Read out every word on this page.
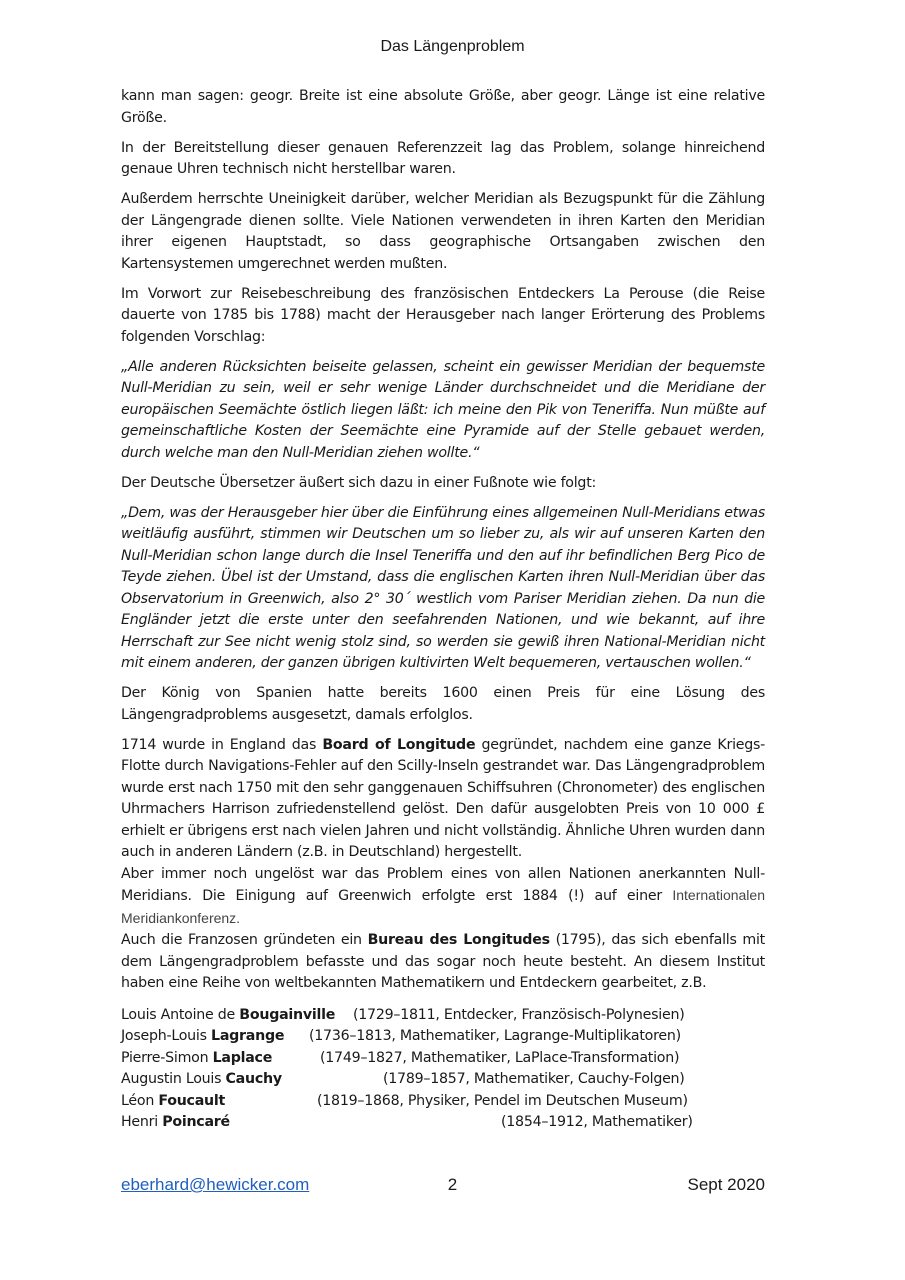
Das Längenproblem

kann man sagen: geogr. Breite ist eine absolute Größe, aber geogr. Länge ist eine relative Größe.

In der Bereitstellung dieser genauen Referenzzeit lag das Problem, solange hinreichend genaue Uhren technisch nicht herstellbar waren.

Außerdem herrschte Uneinigkeit darüber, welcher Meridian als Bezugspunkt für die Zählung der Längengrade dienen sollte. Viele Nationen verwendeten in ihren Karten den Meridian ihrer eigenen Hauptstadt, so dass geographische Ortsangaben zwischen den Kartensystemen umgerechnet werden mußten.

Im Vorwort zur Reisebeschreibung des französischen Entdeckers La Perouse (die Reise dauerte von 1785 bis 1788) macht der Herausgeber nach langer Erörterung des Problems folgenden Vorschlag:

„Alle anderen Rücksichten beiseite gelassen, scheint ein gewisser Meridian der bequemste Null-Meridian zu sein, weil er sehr wenige Länder durchschneidet und die Meridiane der europäischen Seemächte östlich liegen läßt: ich meine den Pik von Teneriffa. Nun müßte auf gemeinschaftliche Kosten der Seemächte eine Pyramide auf der Stelle gebauet werden, durch welche man den Null-Meridian ziehen wollte.“

Der Deutsche Übersetzer äußert sich dazu in einer Fußnote wie folgt:

„Dem, was der Herausgeber hier über die Einführung eines allgemeinen Null-Meridians etwas weitläufig ausführt, stimmen wir Deutschen um so lieber zu, als wir auf unseren Karten den Null-Meridian schon lange durch die Insel Teneriffa und den auf ihr befindlichen Berg Pico de Teyde ziehen. Übel ist der Umstand, dass die englischen Karten ihren Null-Meridian über das Observatorium in Greenwich, also 2° 30´ westlich vom Pariser Meridian ziehen. Da nun die Engländer jetzt die erste unter den seefahrenden Nationen, und wie bekannt, auf ihre Herrschaft zur See nicht wenig stolz sind, so werden sie gewiß ihren National-Meridian nicht mit einem anderen, der ganzen übrigen kultivirten Welt bequemeren, vertauschen wollen.“

Der König von Spanien hatte bereits 1600 einen Preis für eine Lösung des Längengradproblems ausgesetzt, damals erfolglos.

1714 wurde in England das Board of Longitude gegründet, nachdem eine ganze Kriegs-Flotte durch Navigations-Fehler auf den Scilly-Inseln gestrandet war. Das Längengradproblem wurde erst nach 1750 mit den sehr ganggenauen Schiffsuhren (Chronometer) des englischen Uhrmachers Harrison zufriedenstellend gelöst. Den dafür ausgelobten Preis von 10 000 £ erhielt er übrigens erst nach vielen Jahren und nicht vollständig. Ähnliche Uhren wurden dann auch in anderen Ländern (z.B. in Deutschland) hergestellt.

Aber immer noch ungelöst war das Problem eines von allen Nationen anerkannten Null-Meridians. Die Einigung auf Greenwich erfolgte erst 1884 (!) auf einer Internationalen Meridiankonferenz.

Auch die Franzosen gründeten ein Bureau des Longitudes (1795), das sich ebenfalls mit dem Längengradproblem befasste und das sogar noch heute besteht. An diesem Institut haben eine Reihe von weltbekannten Mathematikern und Entdeckern gearbeitet, z.B.

Louis Antoine de Bougainville (1729–1811, Entdecker, Französisch-Polynesien)
Joseph-Louis Lagrange (1736–1813, Mathematiker, Lagrange-Multiplikatoren)
Pierre-Simon Laplace	(1749–1827, Mathematiker, LaPlace-Transformation)
Augustin Louis Cauchy	(1789–1857, Mathematiker, Cauchy-Folgen)
Léon Foucault	(1819–1868, Physiker, Pendel im Deutschen Museum)
Henri Poincaré	(1854–1912, Mathematiker)
eberhard@hewicker.com	2	Sept 2020
